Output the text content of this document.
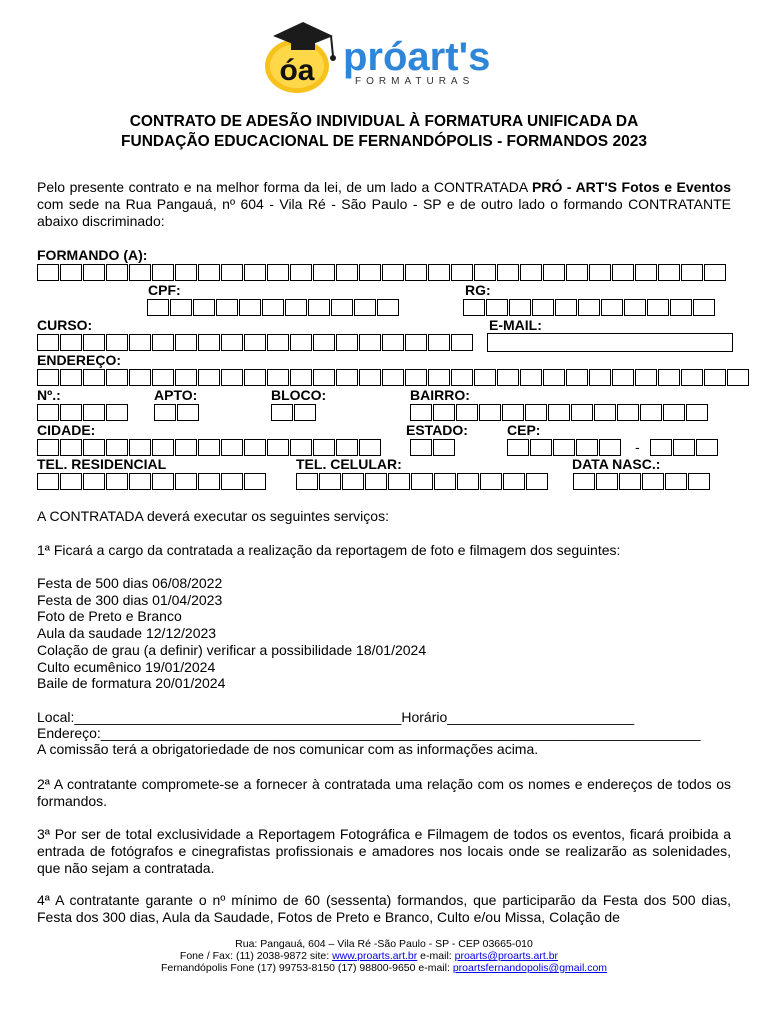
óa próart's
FORMATURAS
CONTRATO DE ADESÃO INDIVIDUAL À FORMATURA UNIFICADA DA
FUNDAÇÃO EDUCACIONAL DE FERNANDÓPOLIS - FORMANDOS 2023
Pelo presente contrato e na melhor forma da lei, de um lado a CONTRATADA PRÓ - ART'S Fotos e Eventos com sede na Rua Pangauá, nº 604 - Vila Ré - São Paulo - SP e de outro lado o formando CONTRATANTE abaixo discriminado:
FORMANDO (A):
CPF:	RG:
CURSO:	E-MAIL:
ENDEREÇO:
Nº.:	APTO:	BLOCO:	BAIRRO:
CIDADE:	ESTADO:	CEP:
-
TEL. RESIDENCIAL	TEL. CELULAR:	DATA NASC.:
A CONTRATADA deverá executar os seguintes serviços:
1ª Ficará a cargo da contratada a realização da reportagem de foto e filmagem dos seguintes:
Festa de 500 dias 06/08/2022
Festa de 300 dias 01/04/2023
Foto de Preto e Branco
Aula da saudade 12/12/2023
Colação de grau (a definir) verificar a possibilidade 18/01/2024
Culto ecumênico 19/01/2024
Baile de formatura 20/01/2024
Local:__________________________________________Horário________________________
Endereço:_____________________________________________________________________________
A comissão terá a obrigatoriedade de nos comunicar com as informações acima.
2ª A contratante compromete-se a fornecer à contratada uma relação com os nomes e endereços de todos os formandos.
3ª Por ser de total exclusividade a Reportagem Fotográfica e Filmagem de todos os eventos, ficará proibida a entrada de fotógrafos e cinegrafistas profissionais e amadores nos locais onde se realizarão as solenidades, que não sejam a contratada.
4ª A contratante garante o nº mínimo de 60 (sessenta) formandos, que participarão da Festa dos 500 dias, Festa dos 300 dias, Aula da Saudade, Fotos de Preto e Branco, Culto e/ou Missa, Colação de
Rua: Pangauá, 604 – Vila Ré -São Paulo - SP - CEP 03665-010
Fone / Fax: (11) 2038-9872 site: www.proarts.art.br e-mail: proarts@proarts.art.br
Fernandópolis Fone (17) 99753-8150 (17) 98800-9650 e-mail: proartsfernandopolis@gmail.com
